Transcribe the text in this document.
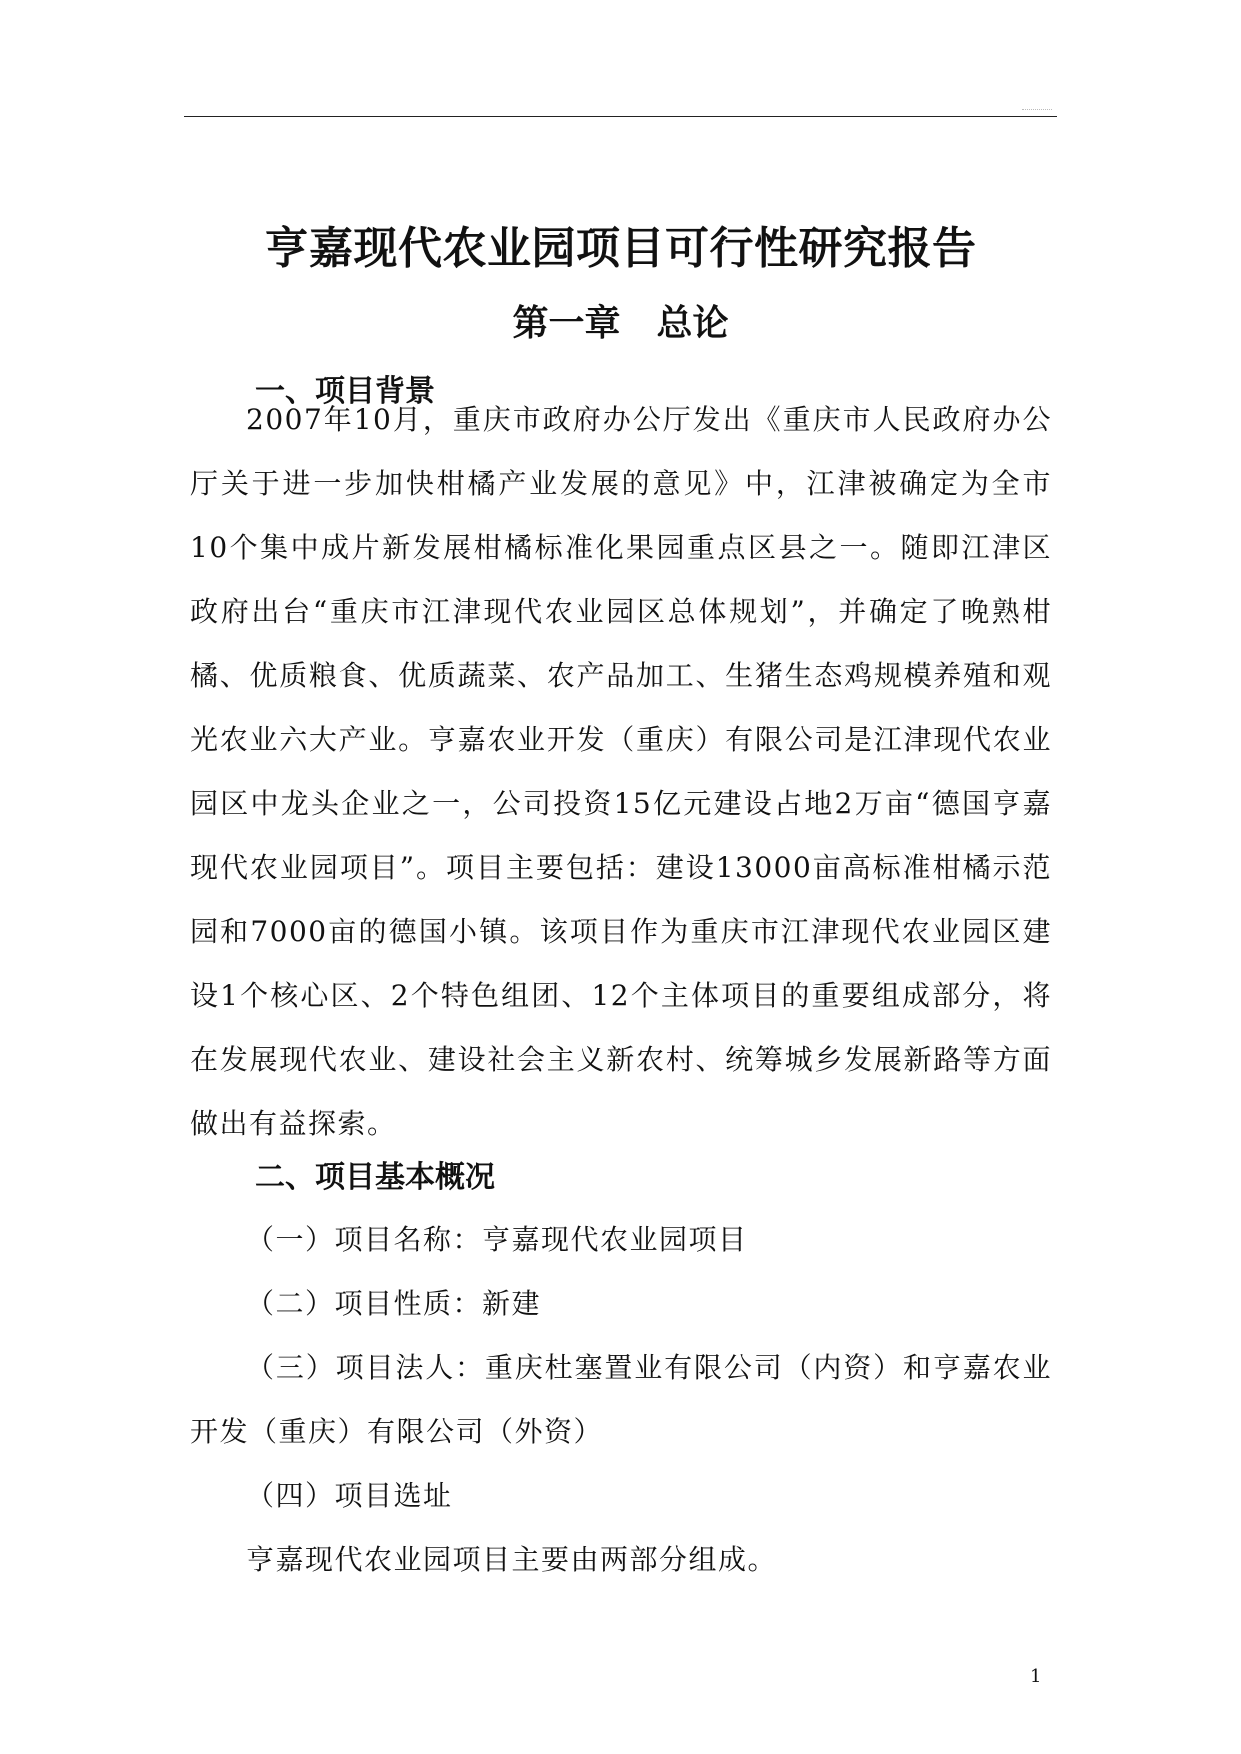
亨嘉现代农业园项目可行性研究报告
第一章　总论
一、项目背景

2007年10月，重庆市政府办公厅发出《重庆市人民政府办公厅关于进一步加快柑橘产业发展的意见》中，江津被确定为全市10个集中成片新发展柑橘标准化果园重点区县之一。随即江津区政府出台“重庆市江津现代农业园区总体规划”，并确定了晚熟柑橘、优质粮食、优质蔬菜、农产品加工、生猪生态鸡规模养殖和观光农业六大产业。亨嘉农业开发（重庆）有限公司是江津现代农业园区中龙头企业之一，公司投资15亿元建设占地2万亩“德国亨嘉现代农业园项目”。项目主要包括：建设13000亩高标准柑橘示范园和7000亩的德国小镇。该项目作为重庆市江津现代农业园区建设1个核心区、2个特色组团、12个主体项目的重要组成部分，将在发展现代农业、建设社会主义新农村、统筹城乡发展新路等方面做出有益探索。

二、项目基本概况

（一）项目名称：亨嘉现代农业园项目

（二）项目性质：新建

（三）项目法人：重庆杜塞置业有限公司（内资）和亨嘉农业开发（重庆）有限公司（外资）

（四）项目选址

亨嘉现代农业园项目主要由两部分组成。

1
